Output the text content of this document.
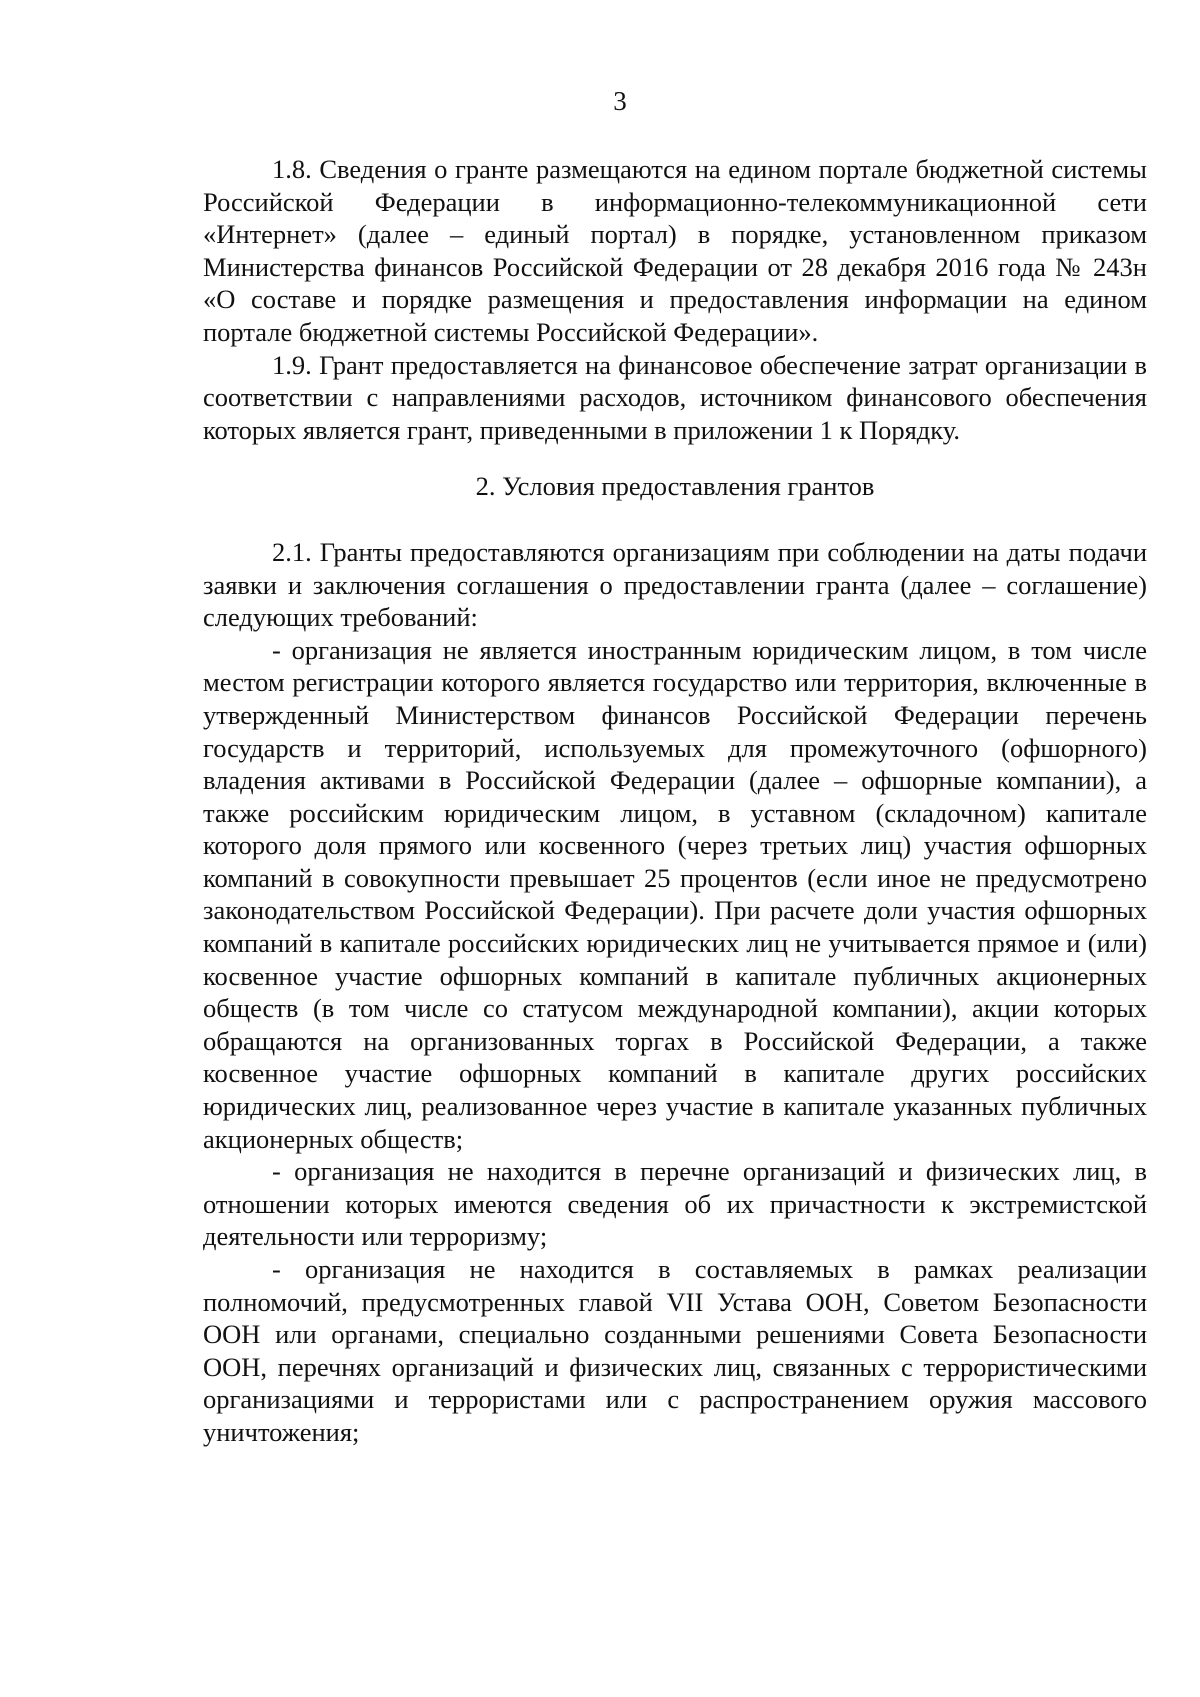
3

1.8. Сведения о гранте размещаются на едином портале бюджетной системы Российской Федерации в информационно-телекоммуникационной сети «Интернет» (далее – единый портал) в порядке, установленном приказом Министерства финансов Российской Федерации от 28 декабря 2016 года № 243н «О составе и порядке размещения и предоставления информации на едином портале бюджетной системы Российской Федерации».

1.9. Грант предоставляется на финансовое обеспечение затрат организации в соответствии с направлениями расходов, источником финансового обеспечения которых является грант, приведенными в приложении 1 к Порядку.

2. Условия предоставления грантов

2.1. Гранты предоставляются организациям при соблюдении на даты подачи заявки и заключения соглашения о предоставлении гранта (далее – соглашение) следующих требований:

- организация не является иностранным юридическим лицом, в том числе местом регистрации которого является государство или территория, включенные в утвержденный Министерством финансов Российской Федерации перечень государств и территорий, используемых для промежуточного (офшорного) владения активами в Российской Федерации (далее – офшорные компании), а также российским юридическим лицом, в уставном (складочном) капитале которого доля прямого или косвенного (через третьих лиц) участия офшорных компаний в совокупности превышает 25 процентов (если иное не предусмотрено законодательством Российской Федерации). При расчете доли участия офшорных компаний в капитале российских юридических лиц не учитывается прямое и (или) косвенное участие офшорных компаний в капитале публичных акционерных обществ (в том числе со статусом международной компании), акции которых обращаются на организованных торгах в Российской Федерации, а также косвенное участие офшорных компаний в капитале других российских юридических лиц, реализованное через участие в капитале указанных публичных акционерных обществ;

- организация не находится в перечне организаций и физических лиц, в отношении которых имеются сведения об их причастности к экстремистской деятельности или терроризму;

- организация не находится в составляемых в рамках реализации полномочий, предусмотренных главой VII Устава ООН, Советом Безопасности ООН или органами, специально созданными решениями Совета Безопасности ООН, перечнях организаций и физических лиц, связанных с террористическими организациями и террористами или с распространением оружия массового уничтожения;
